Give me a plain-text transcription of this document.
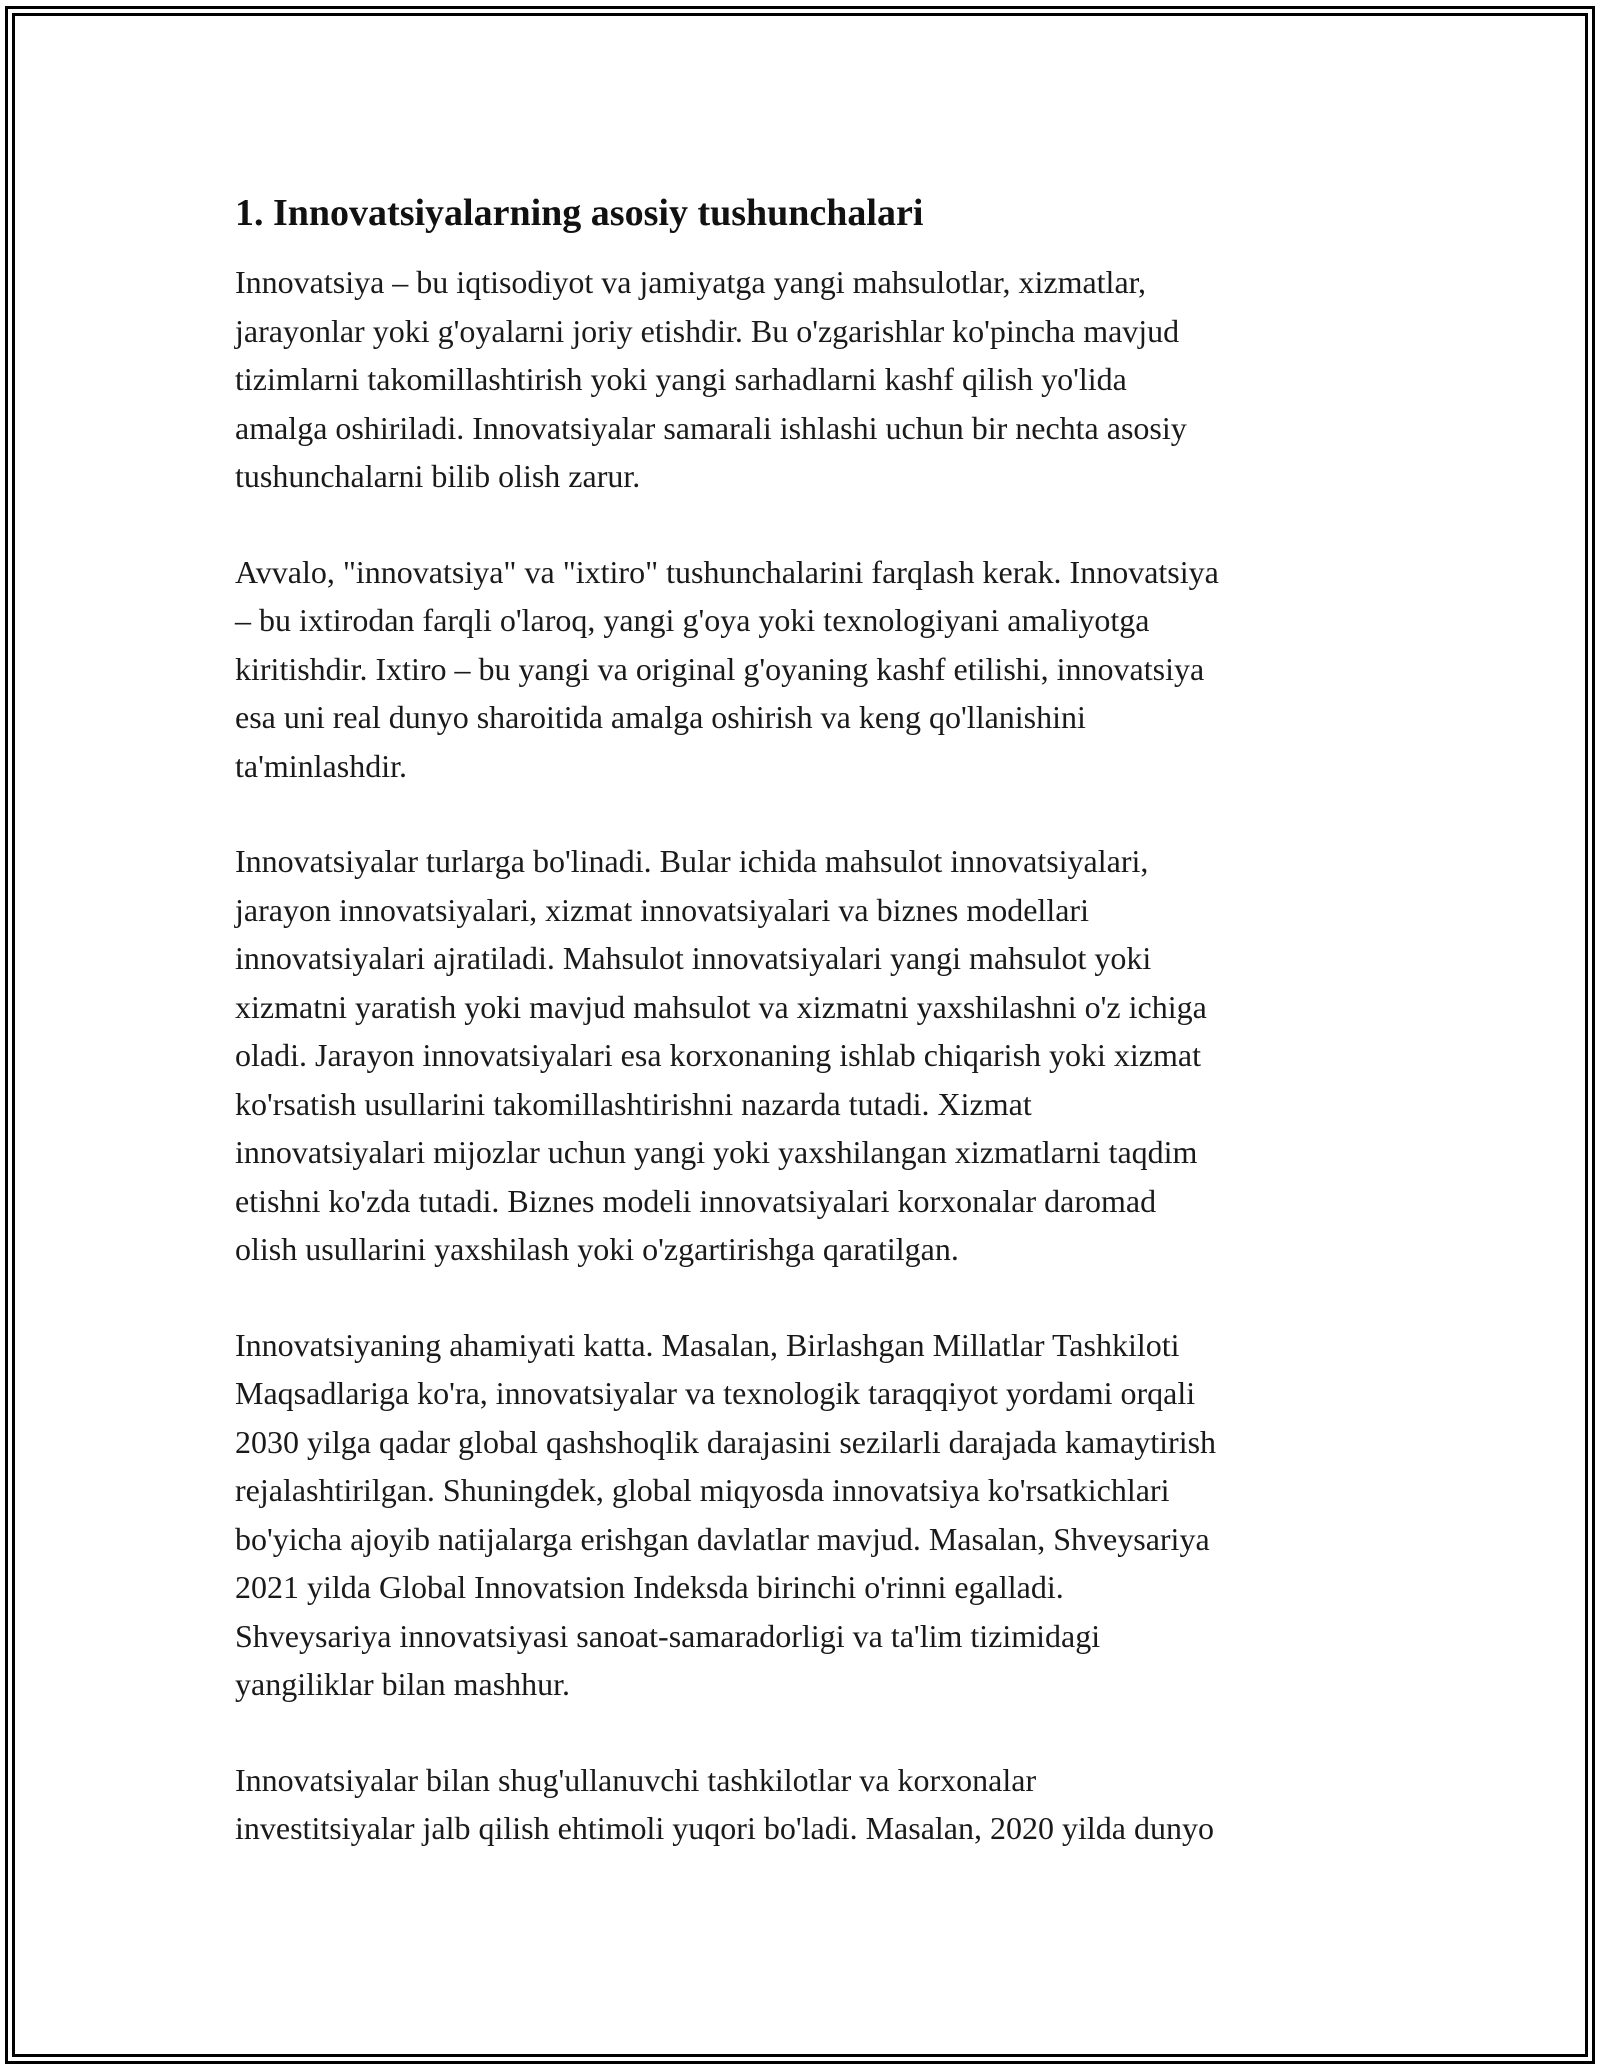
1. Innovatsiyalarning asosiy tushunchalari

Innovatsiya – bu iqtisodiyot va jamiyatga yangi mahsulotlar, xizmatlar,
jarayonlar yoki g'oyalarni joriy etishdir. Bu o'zgarishlar ko'pincha mavjud
tizimlarni takomillashtirish yoki yangi sarhadlarni kashf qilish yo'lida
amalga oshiriladi. Innovatsiyalar samarali ishlashi uchun bir nechta asosiy
tushunchalarni bilib olish zarur.

Avvalo, "innovatsiya" va "ixtiro" tushunchalarini farqlash kerak. Innovatsiya
– bu ixtirodan farqli o'laroq, yangi g'oya yoki texnologiyani amaliyotga
kiritishdir. Ixtiro – bu yangi va original g'oyaning kashf etilishi, innovatsiya
esa uni real dunyo sharoitida amalga oshirish va keng qo'llanishini
ta'minlashdir.

Innovatsiyalar turlarga bo'linadi. Bular ichida mahsulot innovatsiyalari,
jarayon innovatsiyalari, xizmat innovatsiyalari va biznes modellari
innovatsiyalari ajratiladi. Mahsulot innovatsiyalari yangi mahsulot yoki
xizmatni yaratish yoki mavjud mahsulot va xizmatni yaxshilashni o'z ichiga
oladi. Jarayon innovatsiyalari esa korxonaning ishlab chiqarish yoki xizmat
ko'rsatish usullarini takomillashtirishni nazarda tutadi. Xizmat
innovatsiyalari mijozlar uchun yangi yoki yaxshilangan xizmatlarni taqdim
etishni ko'zda tutadi. Biznes modeli innovatsiyalari korxonalar daromad
olish usullarini yaxshilash yoki o'zgartirishga qaratilgan.

Innovatsiyaning ahamiyati katta. Masalan, Birlashgan Millatlar Tashkiloti
Maqsadlariga ko'ra, innovatsiyalar va texnologik taraqqiyot yordami orqali
2030 yilga qadar global qashshoqlik darajasini sezilarli darajada kamaytirish
rejalashtirilgan. Shuningdek, global miqyosda innovatsiya ko'rsatkichlari
bo'yicha ajoyib natijalarga erishgan davlatlar mavjud. Masalan, Shveysariya
2021 yilda Global Innovatsion Indeksda birinchi o'rinni egalladi.
Shveysariya innovatsiyasi sanoat-samaradorligi va ta'lim tizimidagi
yangiliklar bilan mashhur.

Innovatsiyalar bilan shug'ullanuvchi tashkilotlar va korxonalar
investitsiyalar jalb qilish ehtimoli yuqori bo'ladi. Masalan, 2020 yilda dunyo
